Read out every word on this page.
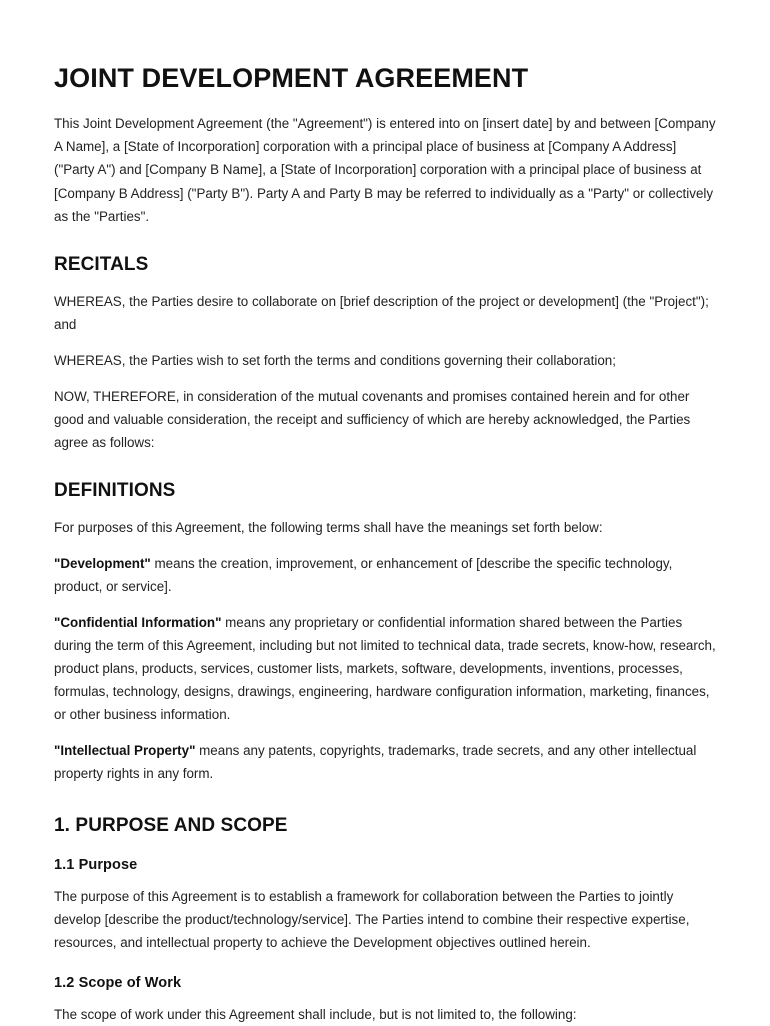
JOINT DEVELOPMENT AGREEMENT

This Joint Development Agreement (the "Agreement") is entered into on [insert date] by and between [Company A Name], a [State of Incorporation] corporation with a principal place of business at [Company A Address] ("Party A") and [Company B Name], a [State of Incorporation] corporation with a principal place of business at [Company B Address] ("Party B"). Party A and Party B may be referred to individually as a "Party" or collectively as the "Parties".

RECITALS

WHEREAS, the Parties desire to collaborate on [brief description of the project or development] (the "Project"); and

WHEREAS, the Parties wish to set forth the terms and conditions governing their collaboration;

NOW, THEREFORE, in consideration of the mutual covenants and promises contained herein and for other good and valuable consideration, the receipt and sufficiency of which are hereby acknowledged, the Parties agree as follows:

DEFINITIONS

For purposes of this Agreement, the following terms shall have the meanings set forth below:

"Development" means the creation, improvement, or enhancement of [describe the specific technology, product, or service].

"Confidential Information" means any proprietary or confidential information shared between the Parties during the term of this Agreement, including but not limited to technical data, trade secrets, know-how, research, product plans, products, services, customer lists, markets, software, developments, inventions, processes, formulas, technology, designs, drawings, engineering, hardware configuration information, marketing, finances, or other business information.

"Intellectual Property" means any patents, copyrights, trademarks, trade secrets, and any other intellectual property rights in any form.

1. PURPOSE AND SCOPE
1.1 Purpose

The purpose of this Agreement is to establish a framework for collaboration between the Parties to jointly develop [describe the product/technology/service]. The Parties intend to combine their respective expertise, resources, and intellectual property to achieve the Development objectives outlined herein.

1.2 Scope of Work

The scope of work under this Agreement shall include, but is not limited to, the following:
